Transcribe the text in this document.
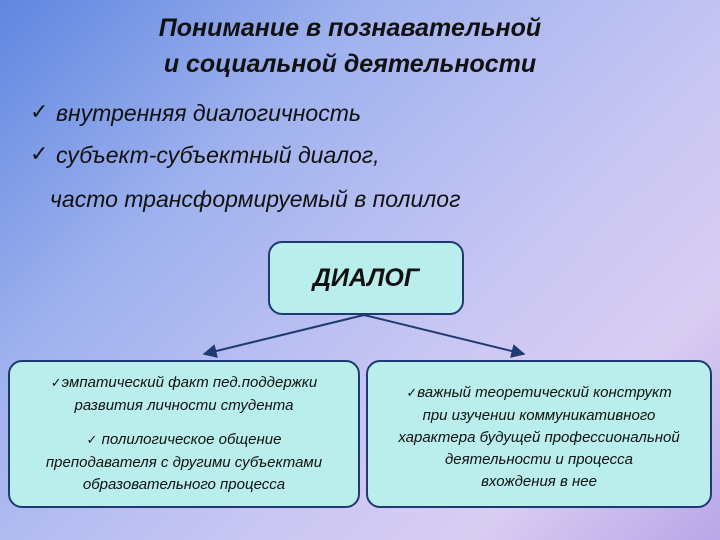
Понимание в познавательной
и социальной деятельности
✓ внутренняя диалогичность
✓ субъект-субъектный диалог,
часто трансформируемый в полилог
ДИАЛОГ

✓эмпатический факт пед.поддержки

развития личности студента

✓ полилогическое общение

преподавателя с другими субъектами

образовательного процесса

✓важный теоретический конструкт

при изучении коммуникативного

характера будущей профессиональной

деятельности и процесса

вхождения в нее
